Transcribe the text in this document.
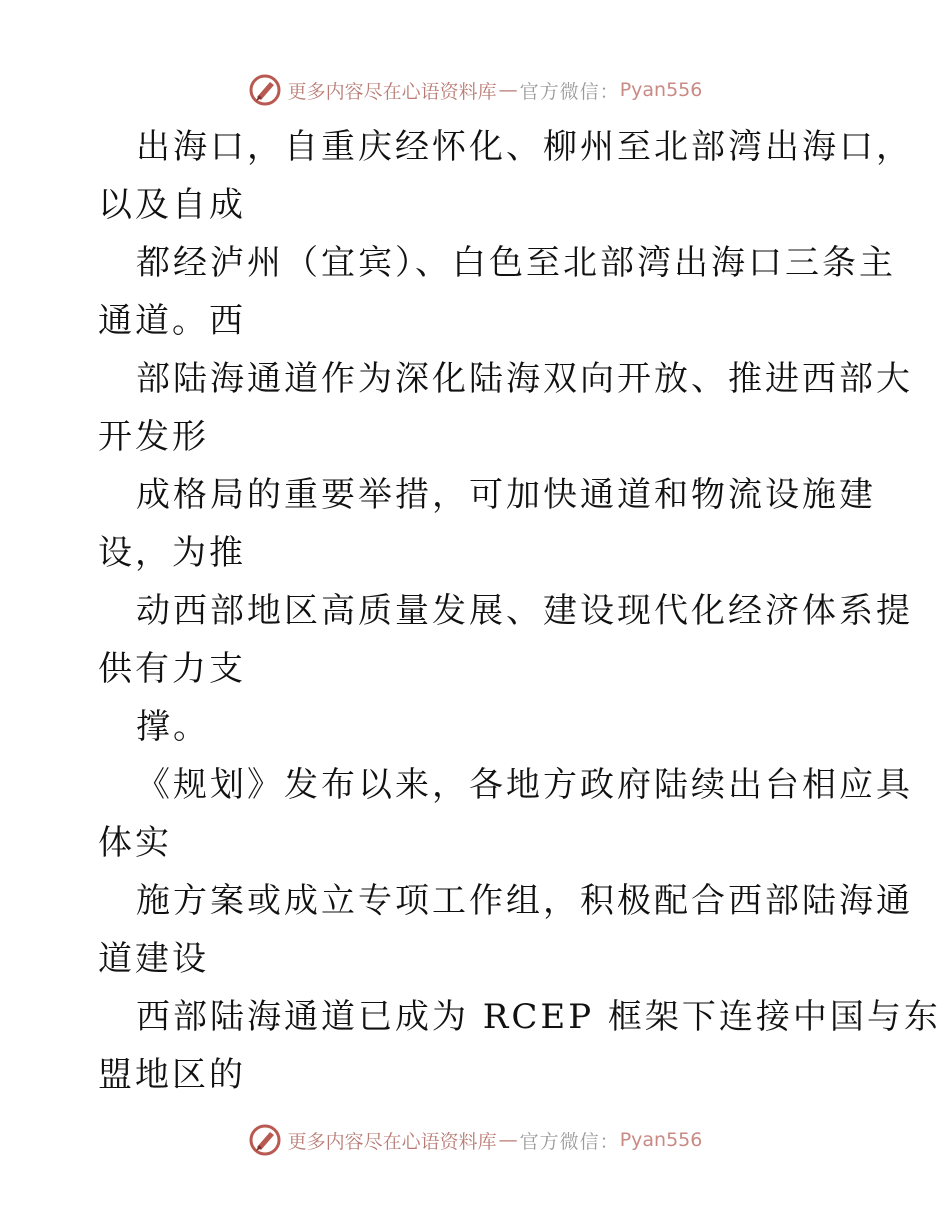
更多内容尽在心语资料库 — 官方微信： Pyan556
出海口，自重庆经怀化、柳州至北部湾出海口，
以及自成
都经泸州（宜宾）、白色至北部湾出海口三条主
通道。西
部陆海通道作为深化陆海双向开放、推进西部大
开发形
成格局的重要举措，可加快通道和物流设施建
设，为推
动西部地区高质量发展、建设现代化经济体系提
供有力支
撑。
《规划》发布以来，各地方政府陆续出台相应具
体实
施方案或成立专项工作组，积极配合西部陆海通
道建设
西部陆海通道已成为 RCEP 框架下连接中国与东
盟地区的
更多内容尽在心语资料库 — 官方微信： Pyan556
